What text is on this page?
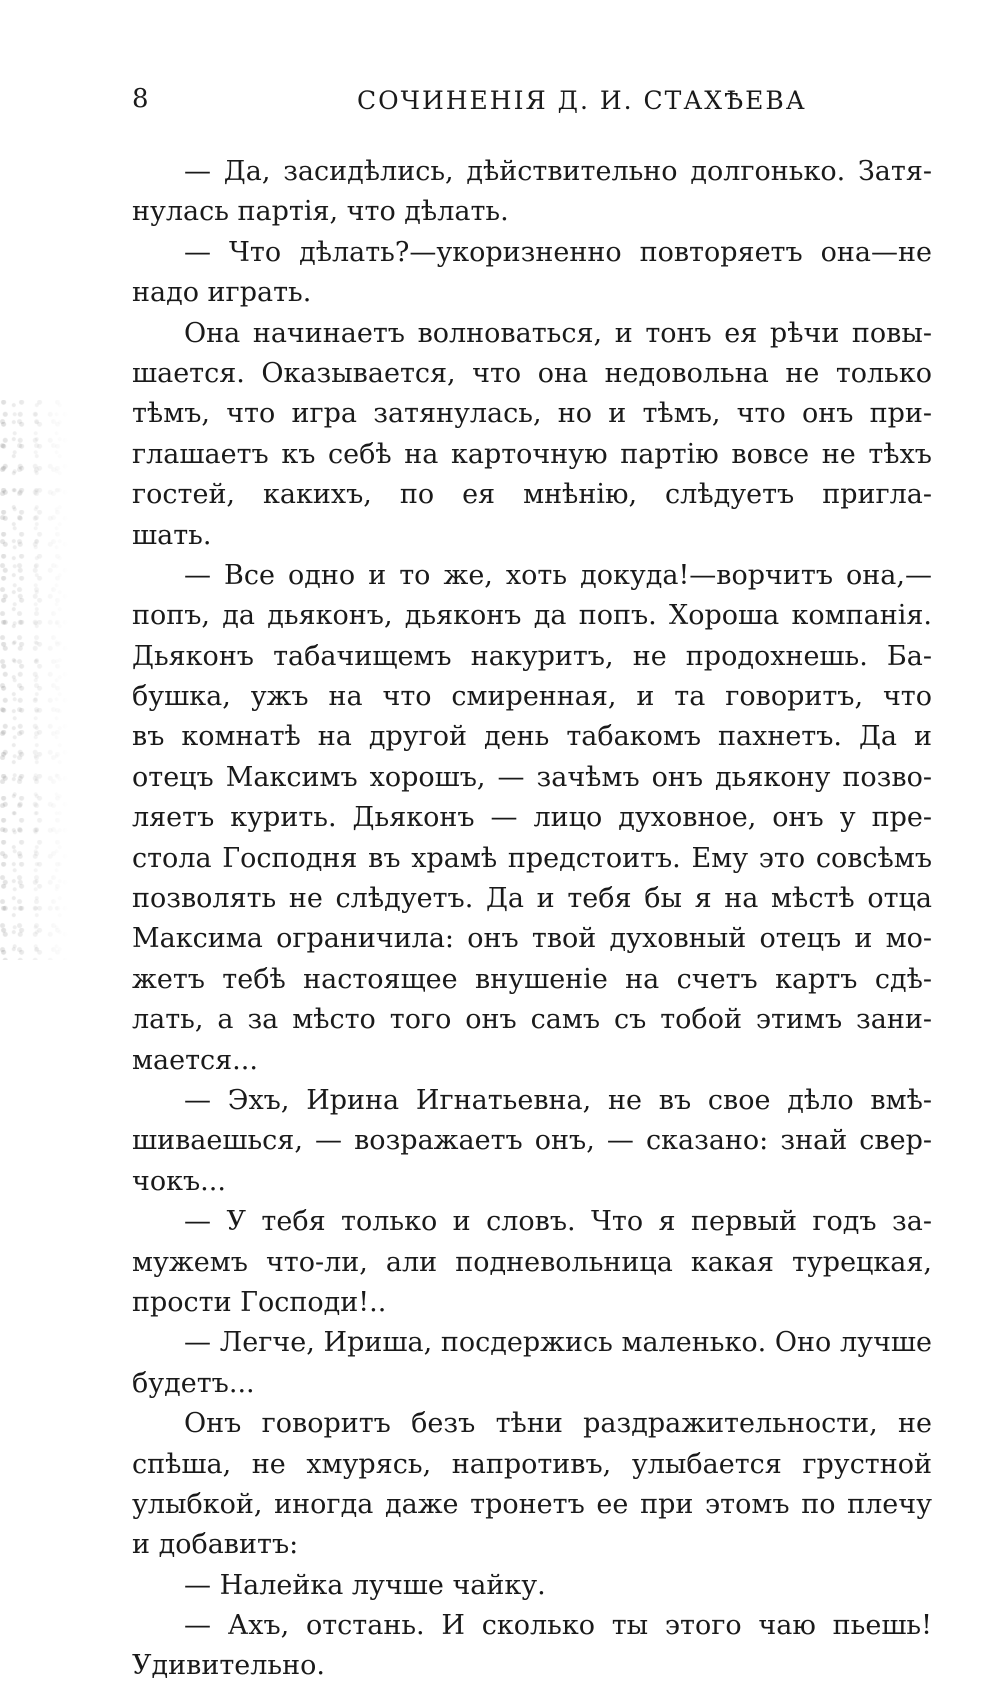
8	СОЧИНЕНІЯ Д. И. СТАХѢЕВА
— Да, засидѣлись, дѣйствительно долгонько. Затя-
нулась партія, что дѣлать.
— Что дѣлать?—укоризненно повторяетъ она—не
надо играть.
Она начинаетъ волноваться, и тонъ ея рѣчи повы-
шается. Оказывается, что она недовольна не только
тѣмъ, что игра затянулась, но и тѣмъ, что онъ при-
глашаетъ къ себѣ на карточную партію вовсе не тѣхъ
гостей, какихъ, по ея мнѣнію, слѣдуетъ пригла-
шать.
— Все одно и то же, хоть докуда!—ворчитъ она,—
попъ, да дьяконъ, дьяконъ да попъ. Хороша компанія.
Дьяконъ табачищемъ накуритъ, не продохнешь. Ба-
бушка, ужъ на что смиренная, и та говоритъ, что
въ комнатѣ на другой день табакомъ пахнетъ. Да и
отецъ Максимъ хорошъ, — зачѣмъ онъ дьякону позво-
ляетъ курить. Дьяконъ — лицо духовное, онъ у пре-
стола Господня въ храмѣ предстоитъ. Ему это совсѣмъ
позволять не слѣдуетъ. Да и тебя бы я на мѣстѣ отца
Максима ограничила: онъ твой духовный отецъ и мо-
жетъ тебѣ настоящее внушеніе на счетъ картъ сдѣ-
лать, а за мѣсто того онъ самъ съ тобой этимъ зани-
мается...
— Эхъ, Ирина Игнатьевна, не въ свое дѣло вмѣ-
шиваешься, — возражаетъ онъ, — сказано: знай свер-
чокъ...
— У тебя только и словъ. Что я первый годъ за-
мужемъ что-ли, али подневольница какая турецкая,
прости Господи!..
— Легче, Ириша, посдержись маленько. Оно лучше
будетъ...
Онъ говоритъ безъ тѣни раздражительности, не
спѣша, не хмурясь, напротивъ, улыбается грустной
улыбкой, иногда даже тронетъ ее при этомъ по плечу
и добавитъ:
— Налейка лучше чайку.
— Ахъ, отстань. И сколько ты этого чаю пьешь!
Удивительно.
